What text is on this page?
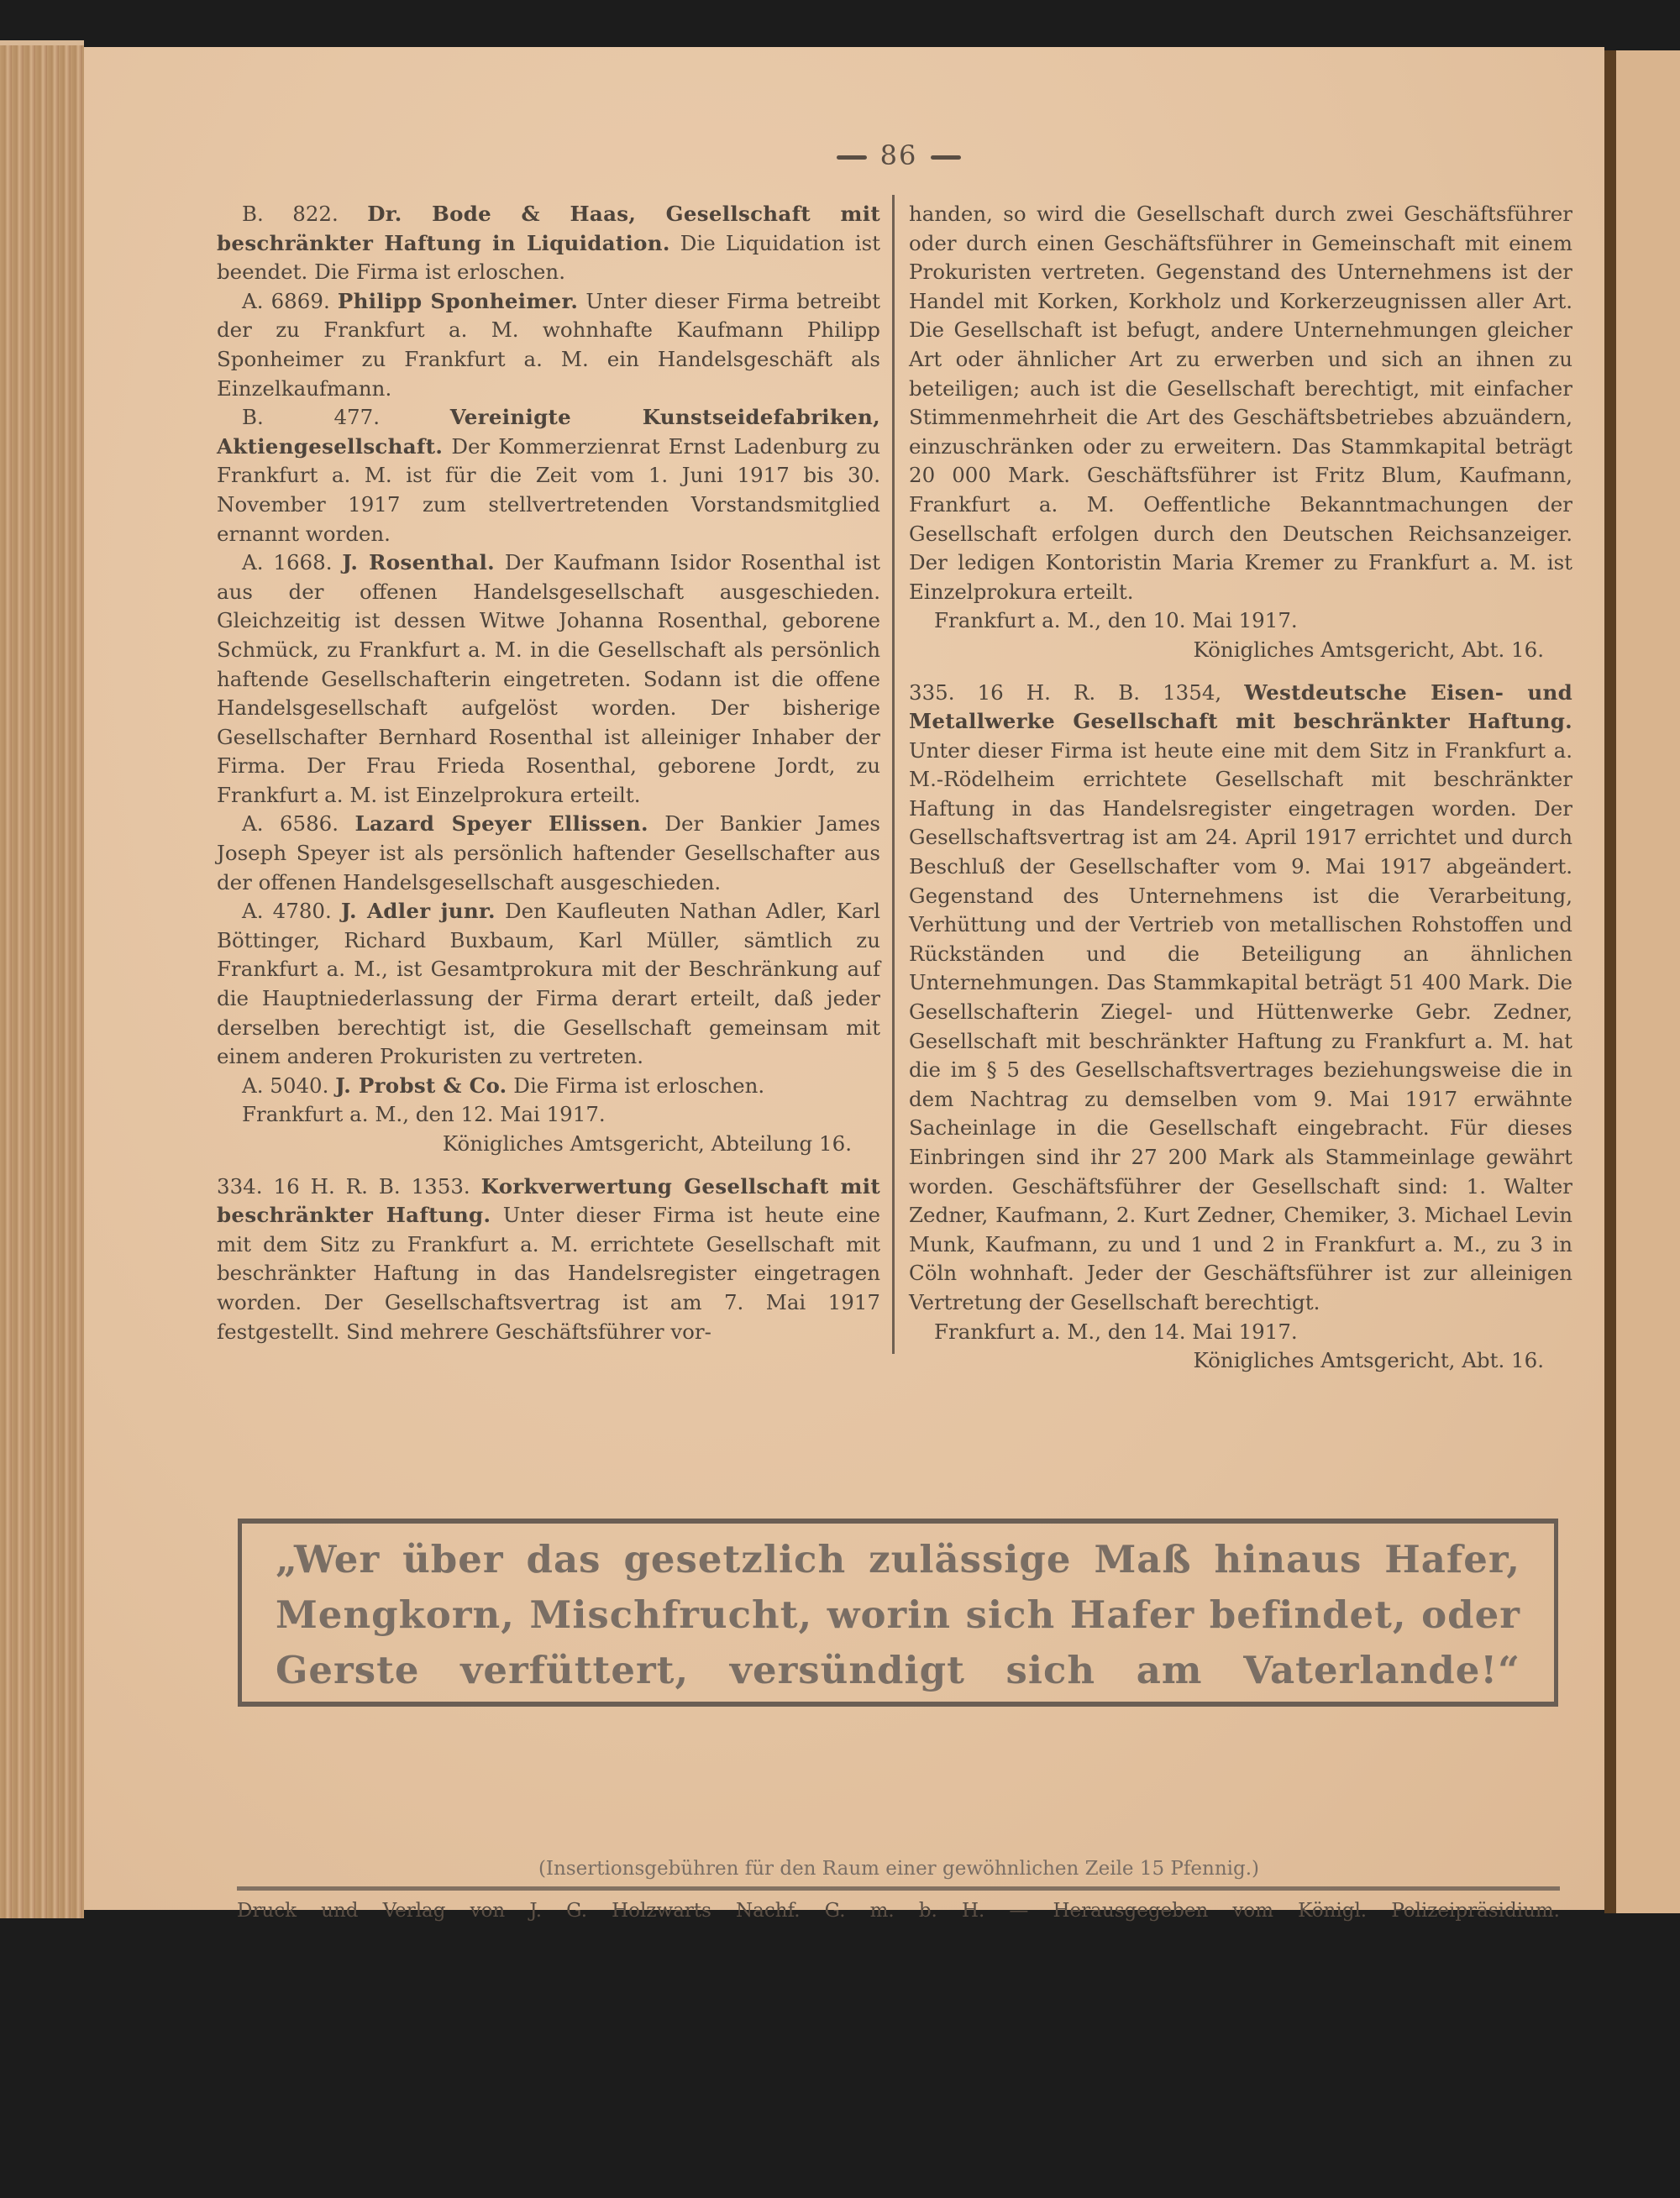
86

B. 822. Dr. Bode & Haas, Gesellschaft mit beschränkter Haftung in Liquidation. Die Liquidation ist beendet. Die Firma ist erloschen.

A. 6869. Philipp Sponheimer. Unter dieser Firma betreibt der zu Frankfurt a. M. wohnhafte Kaufmann Philipp Sponheimer zu Frankfurt a. M. ein Handelsgeschäft als Einzelkaufmann.

B. 477.	Vereinigte Kunstseidefabriken, Aktiengesellschaft. Der Kommerzienrat Ernst Ladenburg zu Frankfurt a. M. ist für die Zeit vom 1. Juni 1917 bis 30. November 1917 zum stellvertretenden Vorstandsmitglied ernannt worden.

A. 1668. J. Rosenthal. Der Kaufmann Isidor Rosenthal ist aus der offenen Handelsgesellschaft ausgeschieden. Gleichzeitig ist dessen Witwe Johanna Rosenthal, geborene Schmück, zu Frankfurt a. M. in die Gesellschaft als persönlich haftende Gesellschafterin eingetreten. Sodann ist die offene Handelsgesellschaft aufgelöst worden. Der bisherige Gesellschafter Bernhard Rosenthal ist alleiniger Inhaber der Firma. Der Frau Frieda Rosenthal, geborene Jordt, zu Frankfurt a. M. ist Einzelprokura erteilt.

A. 6586. Lazard Speyer Ellissen. Der Bankier James Joseph Speyer ist als persönlich haftender Gesellschafter aus der offenen Handelsgesellschaft ausgeschieden.

A. 4780. J. Adler junr. Den Kaufleuten Nathan Adler, Karl Böttinger, Richard Buxbaum, Karl Müller, sämtlich zu Frankfurt a. M., ist Gesamtprokura mit der Beschränkung auf die Hauptniederlassung der Firma derart erteilt, daß jeder derselben berechtigt ist, die Gesellschaft gemeinsam mit einem anderen Prokuristen zu vertreten.

A. 5040. J. Probst & Co. Die Firma ist erloschen.

Frankfurt a. M., den 12. Mai 1917.

Königliches Amtsgericht, Abteilung 16.

334. 16 H. R. B. 1353. Korkverwertung Gesellschaft mit beschränkter Haftung. Unter dieser Firma ist heute eine mit dem Sitz zu Frankfurt a. M. errichtete Gesellschaft mit beschränkter Haftung in das Handelsregister eingetragen worden. Der Gesellschaftsvertrag ist am 7. Mai 1917 festgestellt. Sind mehrere Geschäftsführer vor-

handen, so wird die Gesellschaft durch zwei Geschäftsführer oder durch einen Geschäftsführer in Gemeinschaft mit einem Prokuristen vertreten. Gegenstand des Unternehmens ist der Handel mit Korken, Korkholz und Korkerzeugnissen aller Art. Die Gesellschaft ist befugt, andere Unternehmungen gleicher Art oder ähnlicher Art zu erwerben und sich an ihnen zu beteiligen; auch ist die Gesellschaft berechtigt, mit einfacher Stimmenmehrheit die Art des Geschäftsbetriebes abzuändern, einzuschränken oder zu erweitern. Das Stammkapital beträgt 20 000 Mark. Geschäftsführer ist Fritz Blum, Kaufmann, Frankfurt a. M. Oeffentliche Bekanntmachungen der Gesellschaft erfolgen durch den Deutschen Reichsanzeiger. Der ledigen Kontoristin Maria Kremer zu Frankfurt a. M. ist Einzelprokura erteilt.

Frankfurt a. M., den 10. Mai 1917.

Königliches Amtsgericht, Abt. 16.

335. 16 H. R. B. 1354, Westdeutsche Eisen- und Metallwerke Gesellschaft mit beschränkter Haftung. Unter dieser Firma ist heute eine mit dem Sitz in Frankfurt a. M.-Rödelheim errichtete Gesellschaft mit beschränkter Haftung in das Handelsregister eingetragen worden. Der Gesellschaftsvertrag ist am 24. April 1917 errichtet und durch Beschluß der Gesellschafter vom 9. Mai 1917 abgeändert. Gegenstand des Unternehmens ist die Verarbeitung, Verhüttung und der Vertrieb von metallischen Rohstoffen und Rückständen und die Beteiligung an ähnlichen Unternehmungen. Das Stammkapital beträgt 51 400 Mark. Die Gesellschafterin Ziegel- und Hüttenwerke Gebr. Zedner, Gesellschaft mit beschränkter Haftung zu Frankfurt a. M. hat die im § 5 des Gesellschaftsvertrages beziehungsweise die in dem Nachtrag zu demselben vom 9. Mai 1917 erwähnte Sacheinlage in die Gesellschaft eingebracht. Für dieses Einbringen sind ihr 27 200 Mark als Stammeinlage gewährt worden. Geschäftsführer der Gesellschaft sind: 1. Walter Zedner, Kaufmann, 2. Kurt Zedner, Chemiker, 3. Michael Levin Munk, Kaufmann, zu und 1 und 2 in Frankfurt a. M., zu 3 in Cöln wohnhaft. Jeder der Geschäftsführer ist zur alleinigen Vertretung der Gesellschaft berechtigt.

Frankfurt a. M., den 14. Mai 1917.

Königliches Amtsgericht, Abt. 16.

„Wer über das gesetzlich zulässige Maß hinaus Hafer, Mengkorn, Mischfrucht, worin sich Hafer befindet, oder Gerste verfüttert, versündigt sich am Vaterlande!“
(Insertionsgebühren für den Raum einer gewöhnlichen Zeile 15 Pfennig.)
Druck und Verlag von J. G. Holzwarts Nachf. G. m. b. H. — Herausgegeben vom Königl. Polizeipräsidium.
